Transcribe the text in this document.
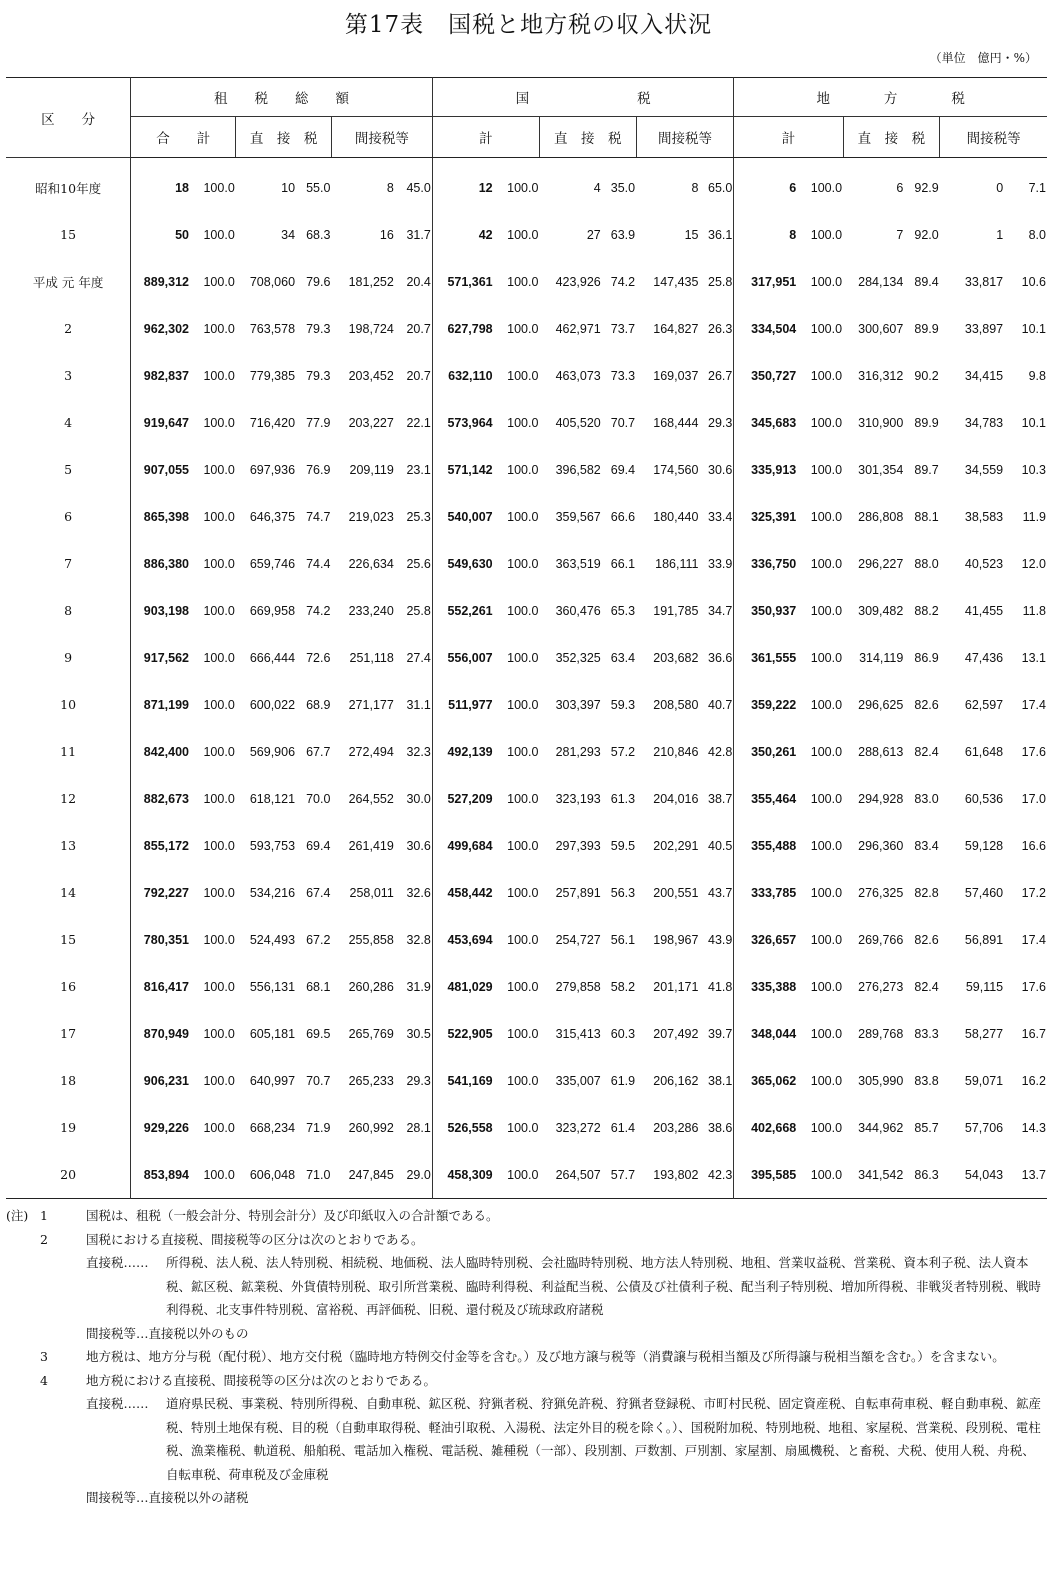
第17表　国税と地方税の収入状況
（単位　億円・%）
区　　分	租　　税　　総　　額						国　　　　　　　　税						地　　　　方　　　　税					
	合　　計		直　接　税		間接税等		計		直　接　税		間接税等		計		直　接　税		間接税等	
昭和10年度	18	100.0	10	55.0	8	45.0	12	100.0	4	35.0	8	65.0	6	100.0	6	92.9	0	7.1
15	50	100.0	34	68.3	16	31.7	42	100.0	27	63.9	15	36.1	8	100.0	7	92.0	1	8.0
平成 元 年度	889,312	100.0	708,060	79.6	181,252	20.4	571,361	100.0	423,926	74.2	147,435	25.8	317,951	100.0	284,134	89.4	33,817	10.6
2	962,302	100.0	763,578	79.3	198,724	20.7	627,798	100.0	462,971	73.7	164,827	26.3	334,504	100.0	300,607	89.9	33,897	10.1
3	982,837	100.0	779,385	79.3	203,452	20.7	632,110	100.0	463,073	73.3	169,037	26.7	350,727	100.0	316,312	90.2	34,415	9.8
4	919,647	100.0	716,420	77.9	203,227	22.1	573,964	100.0	405,520	70.7	168,444	29.3	345,683	100.0	310,900	89.9	34,783	10.1
5	907,055	100.0	697,936	76.9	209,119	23.1	571,142	100.0	396,582	69.4	174,560	30.6	335,913	100.0	301,354	89.7	34,559	10.3
6	865,398	100.0	646,375	74.7	219,023	25.3	540,007	100.0	359,567	66.6	180,440	33.4	325,391	100.0	286,808	88.1	38,583	11.9
7	886,380	100.0	659,746	74.4	226,634	25.6	549,630	100.0	363,519	66.1	186,111	33.9	336,750	100.0	296,227	88.0	40,523	12.0
8	903,198	100.0	669,958	74.2	233,240	25.8	552,261	100.0	360,476	65.3	191,785	34.7	350,937	100.0	309,482	88.2	41,455	11.8
9	917,562	100.0	666,444	72.6	251,118	27.4	556,007	100.0	352,325	63.4	203,682	36.6	361,555	100.0	314,119	86.9	47,436	13.1
10	871,199	100.0	600,022	68.9	271,177	31.1	511,977	100.0	303,397	59.3	208,580	40.7	359,222	100.0	296,625	82.6	62,597	17.4
11	842,400	100.0	569,906	67.7	272,494	32.3	492,139	100.0	281,293	57.2	210,846	42.8	350,261	100.0	288,613	82.4	61,648	17.6
12	882,673	100.0	618,121	70.0	264,552	30.0	527,209	100.0	323,193	61.3	204,016	38.7	355,464	100.0	294,928	83.0	60,536	17.0
13	855,172	100.0	593,753	69.4	261,419	30.6	499,684	100.0	297,393	59.5	202,291	40.5	355,488	100.0	296,360	83.4	59,128	16.6
14	792,227	100.0	534,216	67.4	258,011	32.6	458,442	100.0	257,891	56.3	200,551	43.7	333,785	100.0	276,325	82.8	57,460	17.2
15	780,351	100.0	524,493	67.2	255,858	32.8	453,694	100.0	254,727	56.1	198,967	43.9	326,657	100.0	269,766	82.6	56,891	17.4
16	816,417	100.0	556,131	68.1	260,286	31.9	481,029	100.0	279,858	58.2	201,171	41.8	335,388	100.0	276,273	82.4	59,115	17.6
17	870,949	100.0	605,181	69.5	265,769	30.5	522,905	100.0	315,413	60.3	207,492	39.7	348,044	100.0	289,768	83.3	58,277	16.7
18	906,231	100.0	640,997	70.7	265,233	29.3	541,169	100.0	335,007	61.9	206,162	38.1	365,062	100.0	305,990	83.8	59,071	16.2
19	929,226	100.0	668,234	71.9	260,992	28.1	526,558	100.0	323,272	61.4	203,286	38.6	402,668	100.0	344,962	85.7	57,706	14.3
20	853,894	100.0	606,048	71.0	247,845	29.0	458,309	100.0	264,507	57.7	193,802	42.3	395,585	100.0	341,542	86.3	54,043	13.7
(注) 1	国税は、租税（一般会計分、特別会計分）及び印紙収入の合計額である。
2	国税における直接税、間接税等の区分は次のとおりである。
直接税……	所得税、法人税、法人特別税、相続税、地価税、法人臨時特別税、会社臨時特別税、地方法人特別税、地租、営業収益税、営業税、資本利子税、法人資本税、鉱区税、鉱業税、外貨債特別税、取引所営業税、臨時利得税、利益配当税、公債及び社債利子税、配当利子特別税、増加所得税、非戦災者特別税、戦時利得税、北支事件特別税、富裕税、再評価税、旧税、還付税及び琉球政府諸税
間接税等…直接税以外のもの
3	地方税は、地方分与税（配付税）、地方交付税（臨時地方特例交付金等を含む。）及び地方譲与税等（消費譲与税相当額及び所得譲与税相当額を含む。）を含まない。
4	地方税における直接税、間接税等の区分は次のとおりである。
直接税……	道府県民税、事業税、特別所得税、自動車税、鉱区税、狩猟者税、狩猟免許税、狩猟者登録税、市町村民税、固定資産税、自転車荷車税、軽自動車税、鉱産税、特別土地保有税、目的税（自動車取得税、軽油引取税、入湯税、法定外目的税を除く。）、国税附加税、特別地税、地租、家屋税、営業税、段別税、電柱税、漁業権税、軌道税、船舶税、電話加入権税、電話税、雑種税（一部）、段別割、戸数割、戸別割、家屋割、扇風機税、と畜税、犬税、使用人税、舟税、自転車税、荷車税及び金庫税
間接税等…直接税以外の諸税
